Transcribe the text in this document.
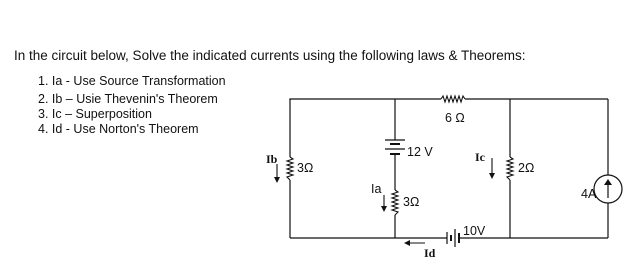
In the circuit below, Solve the indicated currents using the following laws & Theorems:
1. Ia - Use Source Transformation
2. Ib – Usie Thevenin's Theorem
3. Ic – Superposition
4. Id - Use Norton's Theorem
6 Ω
3Ω
Ib	12 V
3Ω
Ia
2Ω
Ic
4A
10V
Id
